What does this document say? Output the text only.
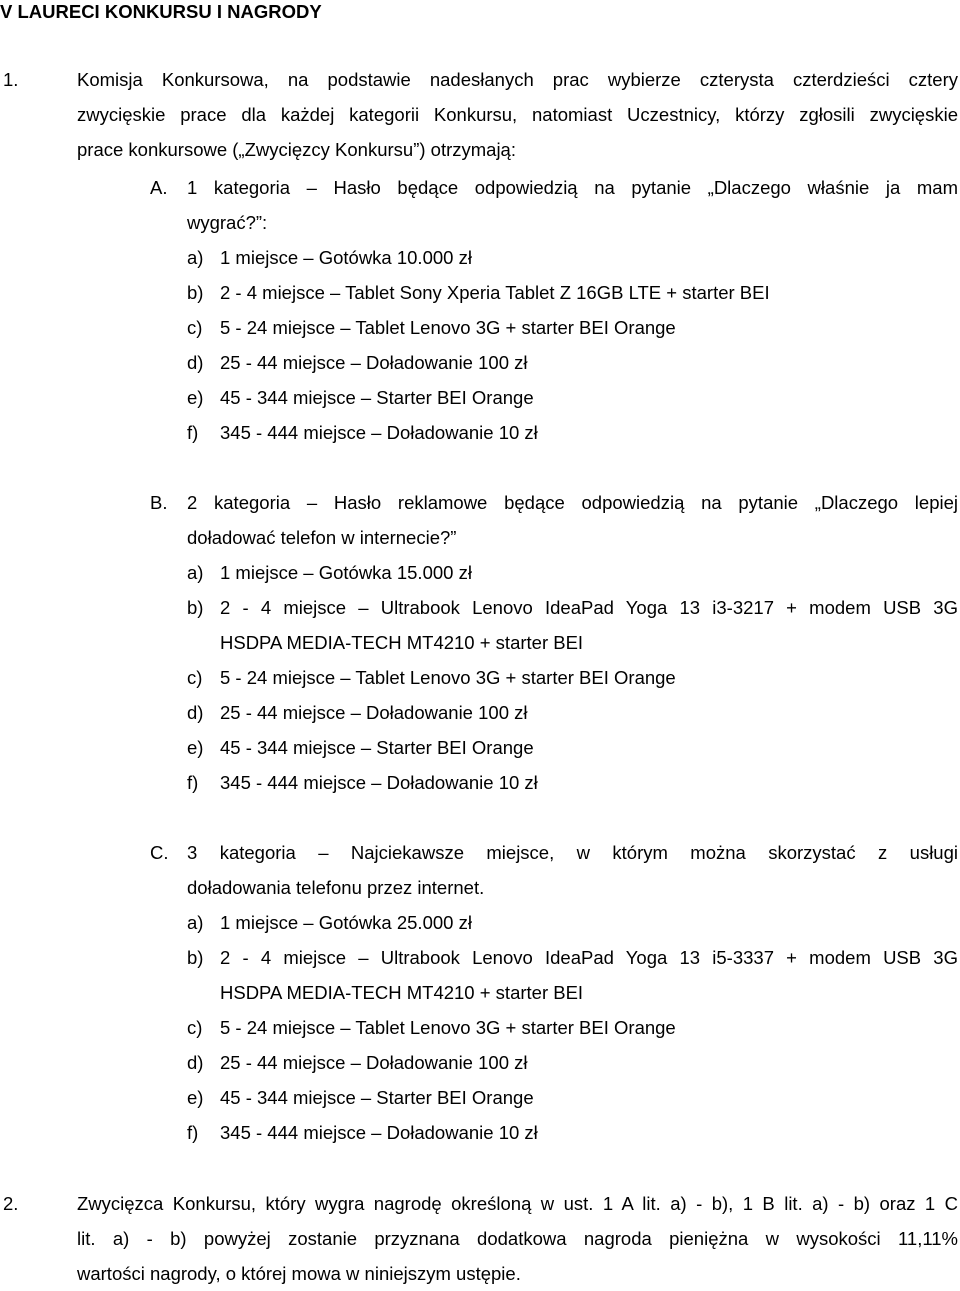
V LAURECI KONKURSU I NAGRODY
1.	Komisja Konkursowa, na podstawie nadesłanych prac wybierze czterysta czterdzieści cztery
zwycięskie prace dla każdej kategorii Konkursu, natomiast Uczestnicy, którzy zgłosili zwycięskie
prace konkursowe („Zwycięzcy Konkursu”) otrzymają:
A. 1 kategoria – Hasło będące odpowiedzią na pytanie „Dlaczego właśnie ja mam
wygrać?”:
a) 1 miejsce – Gotówka 10.000 zł
b) 2 - 4 miejsce – Tablet Sony Xperia Tablet Z 16GB LTE + starter BEI
c) 5 - 24 miejsce – Tablet Lenovo 3G + starter BEI Orange
d) 25 - 44 miejsce – Doładowanie 100 zł
e) 45 - 344 miejsce – Starter BEI Orange
f) 345 - 444 miejsce – Doładowanie 10 zł
B. 2 kategoria – Hasło reklamowe będące odpowiedzią na pytanie „Dlaczego lepiej
doładować telefon w internecie?”
a) 1 miejsce – Gotówka 15.000 zł
b) 2 - 4 miejsce – Ultrabook Lenovo IdeaPad Yoga 13 i3-3217 + modem USB 3G
HSDPA MEDIA-TECH MT4210 + starter BEI
c) 5 - 24 miejsce – Tablet Lenovo 3G + starter BEI Orange
d) 25 - 44 miejsce – Doładowanie 100 zł
e) 45 - 344 miejsce – Starter BEI Orange
f) 345 - 444 miejsce – Doładowanie 10 zł
C. 3 kategoria – Najciekawsze miejsce, w którym można skorzystać z usługi
doładowania telefonu przez internet.
a) 1 miejsce – Gotówka 25.000 zł
b) 2 - 4 miejsce – Ultrabook Lenovo IdeaPad Yoga 13 i5-3337 + modem USB 3G
HSDPA MEDIA-TECH MT4210 + starter BEI
c) 5 - 24 miejsce – Tablet Lenovo 3G + starter BEI Orange
d) 25 - 44 miejsce – Doładowanie 100 zł
e) 45 - 344 miejsce – Starter BEI Orange
f) 345 - 444 miejsce – Doładowanie 10 zł
2.	Zwycięzca Konkursu, który wygra nagrodę określoną w ust. 1 A lit. a) - b), 1 B lit. a) - b) oraz 1 C
lit. a) - b) powyżej zostanie przyznana dodatkowa nagroda pieniężna w wysokości 11,11%
wartości nagrody, o której mowa w niniejszym ustępie.
